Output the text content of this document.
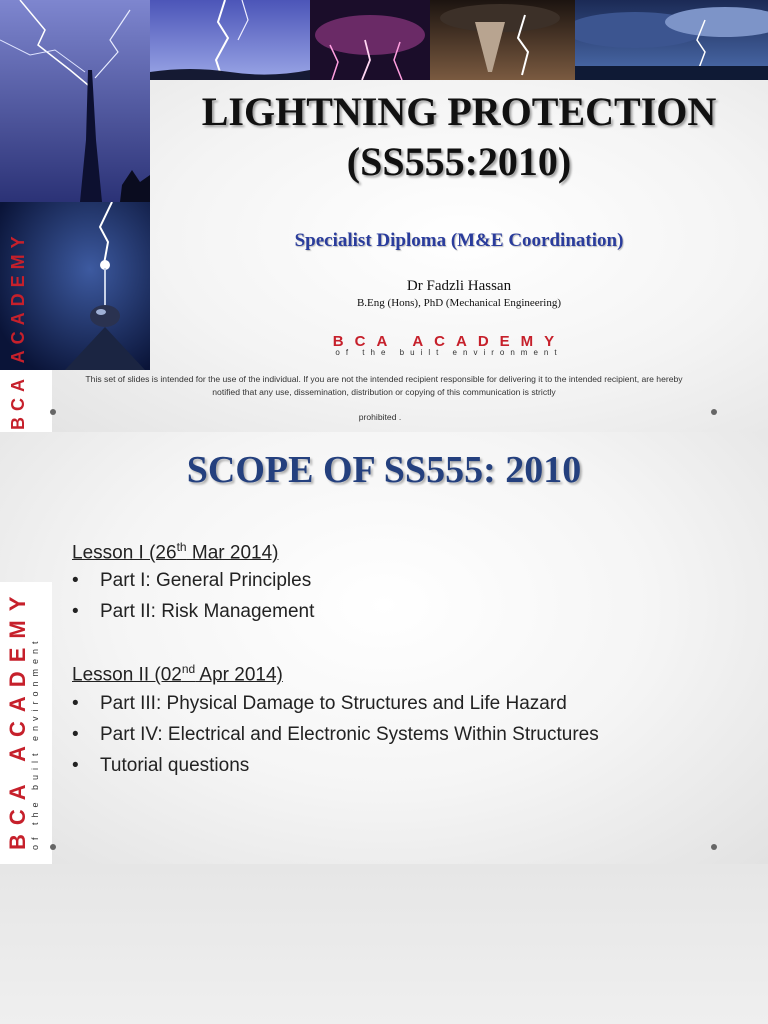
LIGHTNING PROTECTION
(SS555:2010)
Specialist Diploma (M&E Coordination)
Dr Fadzli Hassan
B.Eng (Hons), PhD (Mechanical Engineering)
BCA ACADEMY
of the built environment
BCA ACADEMY	This set of slides is intended for the use of the individual. If you are not the intended recipient responsible for delivering it to the intended recipient, are hereby notified that any use, dissemination, distribution or copying of this communication is strictly
prohibited .
BCA ACADEMY of the built environment
SCOPE OF SS555: 2010
Lesson I (26th Mar 2014)
• Part I: General Principles
• Part II: Risk Management
Lesson II (02nd Apr 2014)
• Part III: Physical Damage to Structures and Life Hazard
• Part IV: Electrical and Electronic Systems Within Structures
• Tutorial questions
